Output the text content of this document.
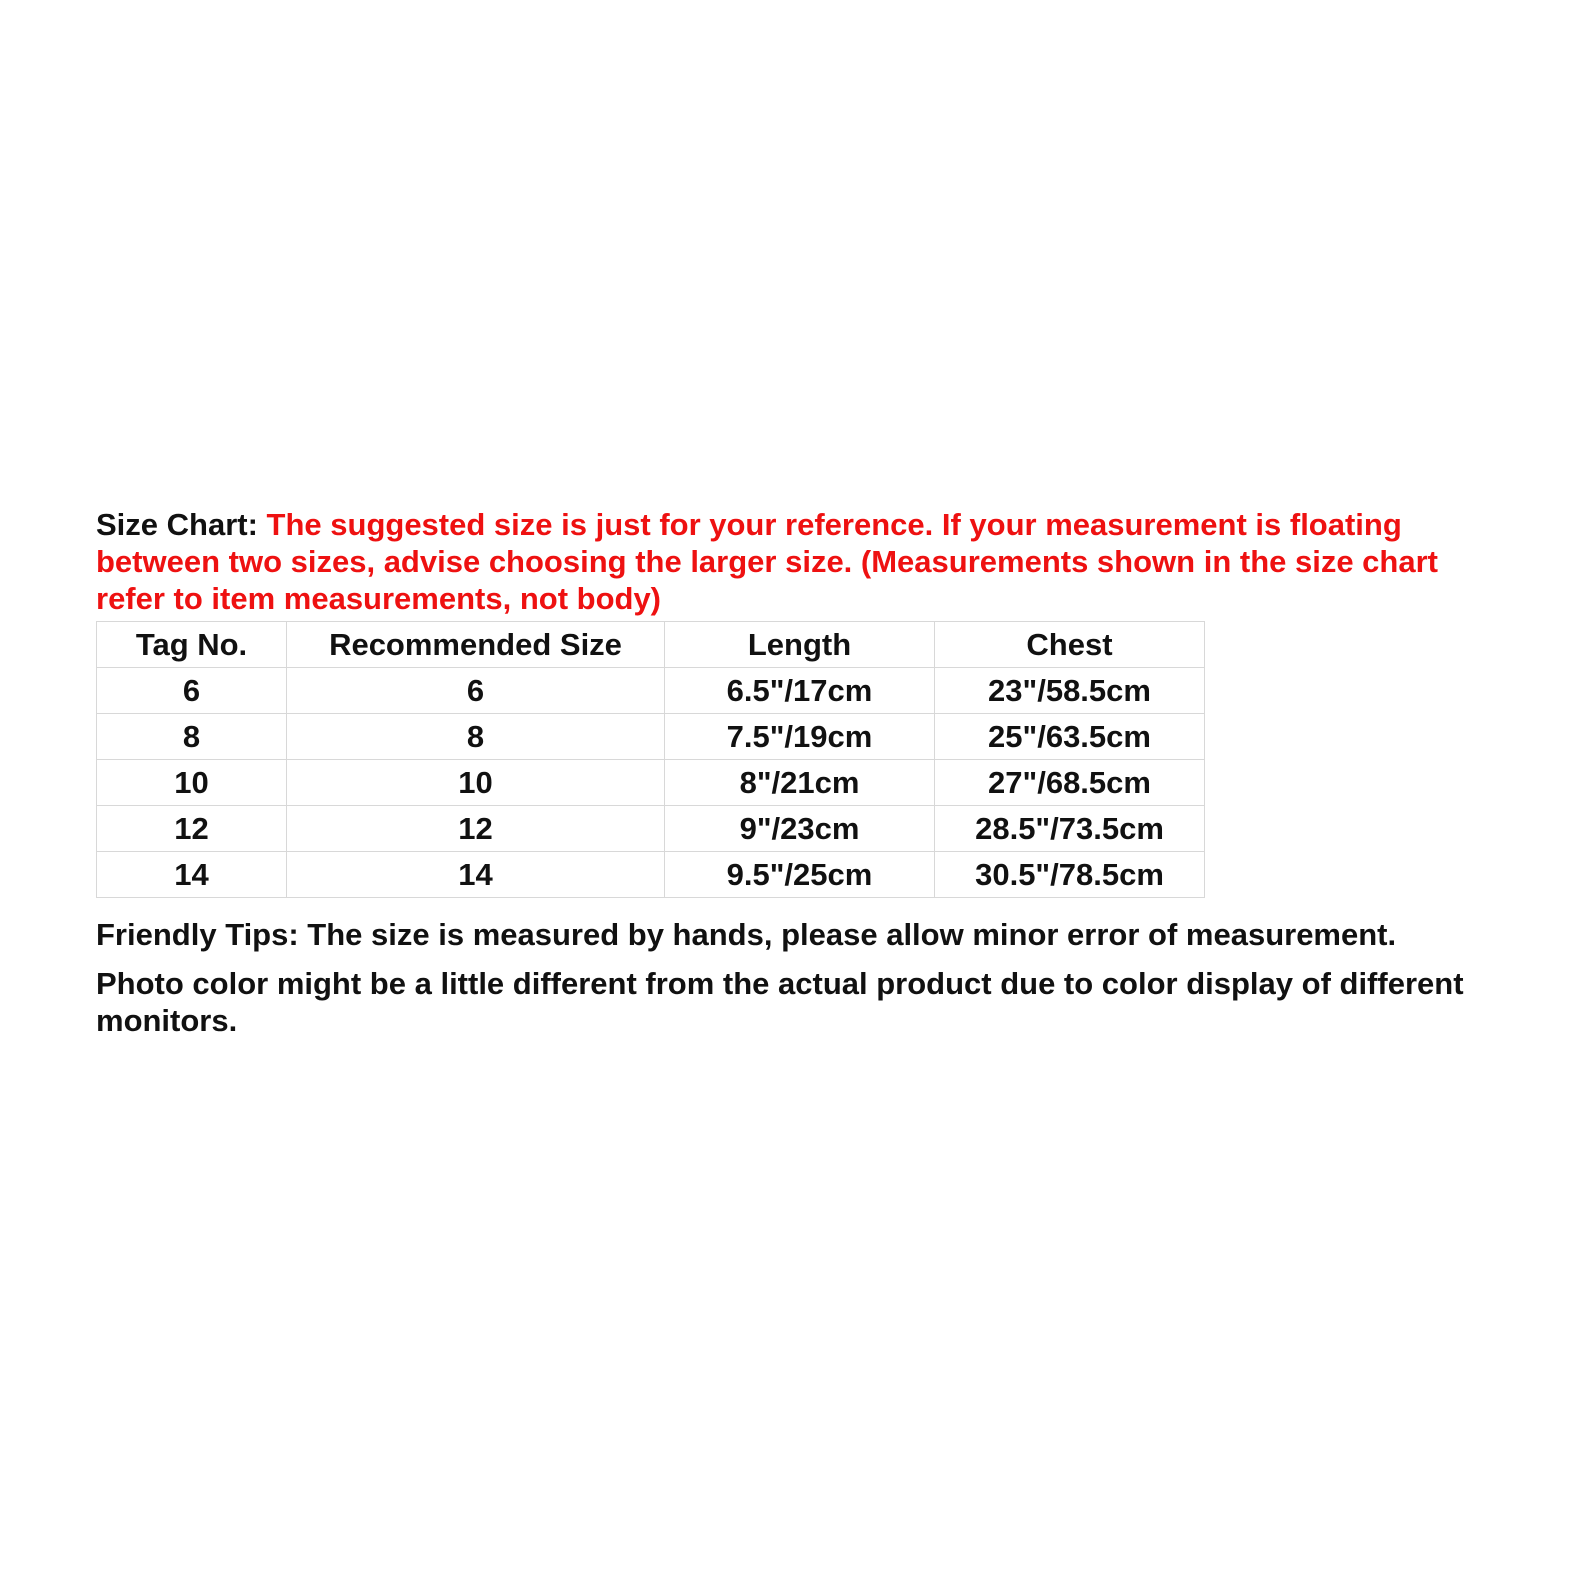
Size Chart: The suggested size is just for your reference. If your measurement is floating between two sizes, advise choosing the larger size. (Measurements shown in the size chart refer to item measurements, not body)

Tag No.	Recommended Size	Length	Chest
6	6	6.5"/17cm	23"/58.5cm
8	8	7.5"/19cm	25"/63.5cm
10	10	8"/21cm	27"/68.5cm
12	12	9"/23cm	28.5"/73.5cm
14	14	9.5"/25cm	30.5"/78.5cm

Friendly Tips: The size is measured by hands, please allow minor error of measurement.

Photo color might be a little different from the actual product due to color display of different monitors.
